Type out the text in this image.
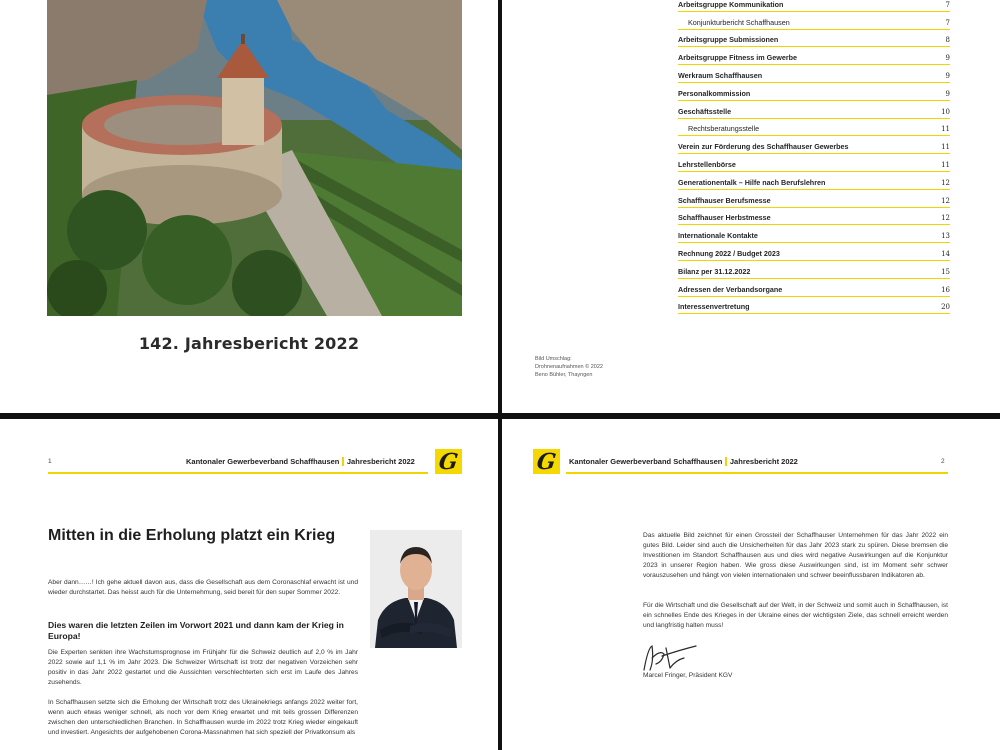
142. Jahresbericht 2022
Arbeitsgruppe Kommunikation	7
Konjunkturbericht Schaffhausen	7
Arbeitsgruppe Submissionen	8
Arbeitsgruppe Fitness im Gewerbe	9
Werkraum Schaffhausen	9
Personalkommission	9
Geschäftsstelle	10
Rechtsberatungsstelle	11
Verein zur Förderung des Schaffhauser Gewerbes	11
Lehrstellenbörse	11
Generationentalk – Hilfe nach Berufslehren	12
Schaffhauser Berufsmesse	12
Schaffhauser Herbstmesse	12
Internationale Kontakte	13
Rechnung 2022 / Budget 2023	14
Bilanz per 31.12.2022	15
Adressen der Verbandsorgane	16
Interessenvertretung	20
Bild Umschlag:
Drohnenaufnahmen © 2022
Beno Bühler, Thayngen
1	Kantonaler Gewerbeverband Schaffhausen Jahresbericht 2022 G
Mitten in die Erholung platzt ein Krieg
Aber dann……! Ich gehe aktuell davon aus, dass die Gesellschaft aus dem Coronaschlaf erwacht ist und wieder durchstartet. Das heisst auch für die Unternehmung, seid bereit für den super Sommer 2022.
Dies waren die letzten Zeilen im Vorwort 2021 und dann kam der Krieg in Europa!
Die Experten senkten ihre Wachstumsprognose im Frühjahr für die Schweiz deutlich auf 2,0 % im Jahr 2022 sowie auf 1,1 % im Jahr 2023. Die Schweizer Wirtschaft ist trotz der negativen Vorzeichen sehr positiv in das Jahr 2022 gestartet und die Aussichten verschlechterten sich erst im Laufe des Jahres zusehends.
In Schaffhausen setzte sich die Erholung der Wirtschaft trotz des Ukrainekriegs anfangs 2022 weiter fort, wenn auch etwas weniger schnell, als noch vor dem Krieg erwartet und mit teils grossen Differenzen zwischen den unterschiedlichen Branchen. In Schaffhausen wurde im 2022 trotz Krieg wieder eingekauft und investiert. Angesichts der aufgehobenen Corona-Massnahmen hat sich speziell der Privatkonsum als
G Kantonaler Gewerbeverband Schaffhausen Jahresbericht 2022	2
Das aktuelle Bild zeichnet für einen Grossteil der Schaffhauser Unternehmen für das Jahr 2022 ein gutes Bild. Leider sind auch die Unsicherheiten für das Jahr 2023 stark zu spüren. Diese bremsen die Investitionen im Standort Schaffhausen aus und dies wird negative Auswirkungen auf die Konjunktur 2023 in unserer Region haben. Wie gross diese Auswirkungen sind, ist im Moment sehr schwer vorauszusehen und hängt von vielen internationalen und schwer beeinflussbaren Indikatoren ab.
Für die Wirtschaft und die Gesellschaft auf der Welt, in der Schweiz und somit auch in Schaffhausen, ist ein schnelles Ende des Krieges in der Ukraine eines der wichtigsten Ziele, das schnell erreicht werden und langfristig halten muss!
Marcel Fringer, Präsident KGV
